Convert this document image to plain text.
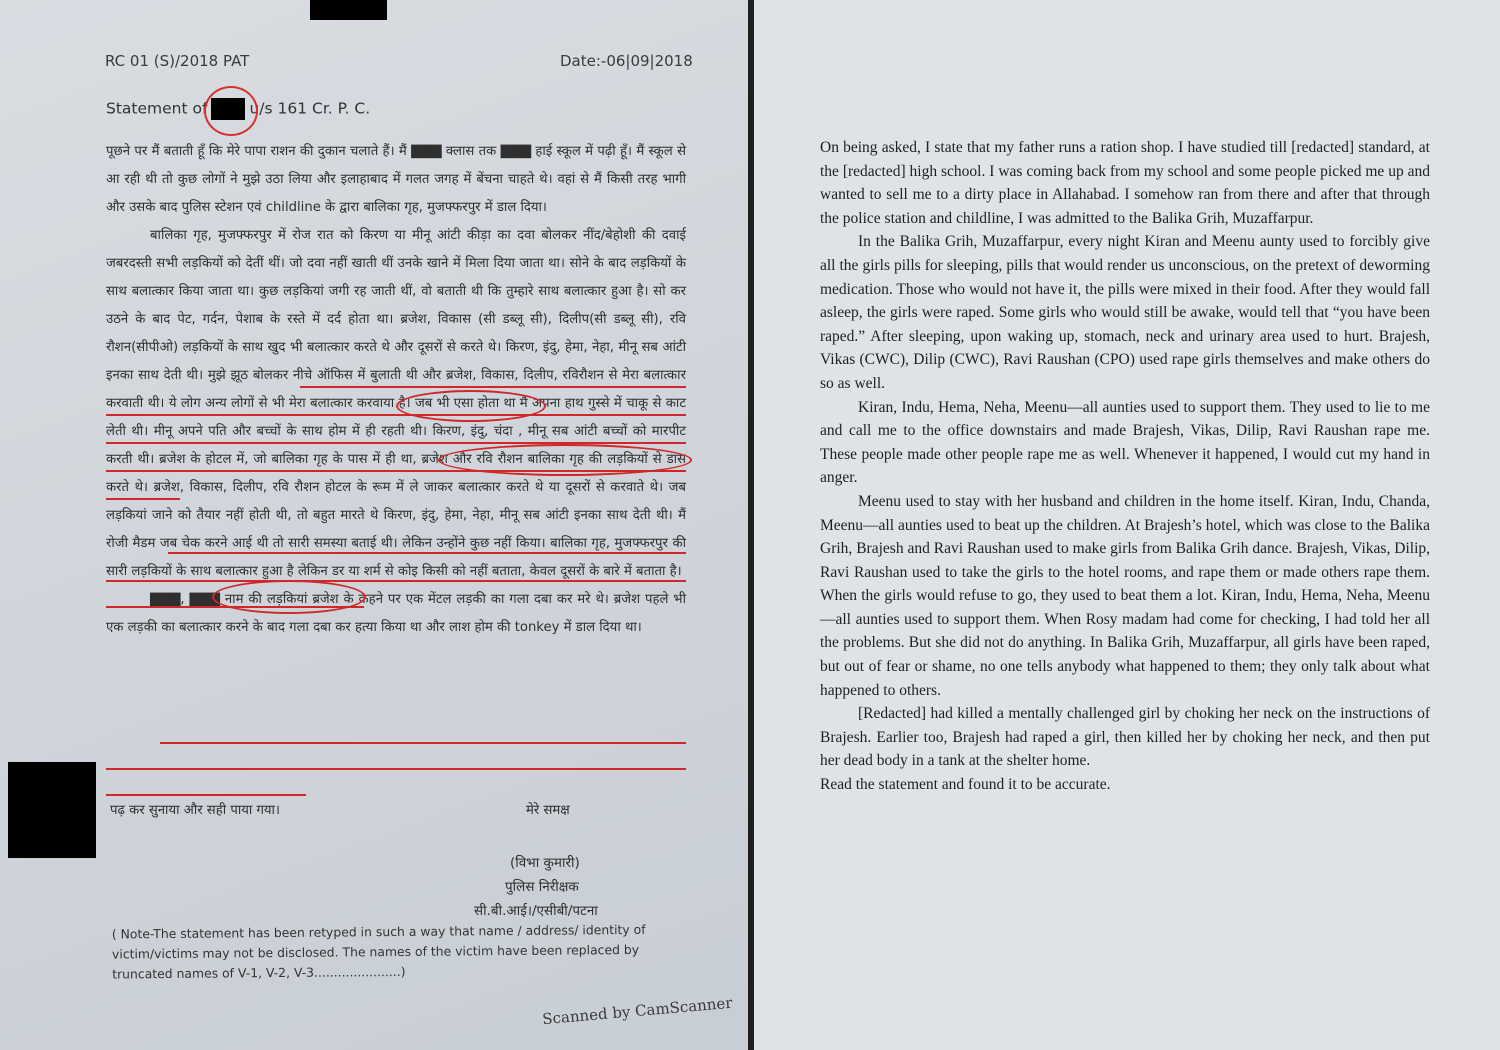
RC 01 (S)/2018 PAT	Date:-06|09|2018
Statement of	u/s 161 Cr. P. C.

पूछने पर मैं बताती हूँ कि मेरे पापा राशन की दुकान चलाते हैं। मैं ▇▇▇ क्लास तक ▇▇▇ हाई स्कूल में पढ़ी हूँ। मैं स्कूल से आ रही थी तो कुछ लोगों ने मुझे उठा लिया और इलाहाबाद में गलत जगह में बेंचना चाहते थे। वहां से मैं किसी तरह भागी और उसके बाद पुलिस स्टेशन एवं childline के द्वारा बालिका गृह, मुजफ्फरपुर में डाल दिया।

बालिका गृह, मुजफ्फरपुर में रोज रात को किरण या मीनू आंटी कीड़ा का दवा बोलकर नींद/बेहोशी की दवाई जबरदस्ती सभी लड़कियों को देतीं थीं। जो दवा नहीं खाती थीं उनके खाने में मिला दिया जाता था। सोने के बाद लड़कियों के साथ बलात्कार किया जाता था। कुछ लड़कियां जगी रह जाती थीं, वो बताती थी कि तुम्हारे साथ बलात्कार हुआ है। सो कर उठने के बाद पेट, गर्दन, पेशाब के रस्ते में दर्द होता था। ब्रजेश, विकास (सी डब्लू सी), दिलीप(सी डब्लू सी), रवि रौशन(सीपीओ) लड़कियों के साथ खुद भी बलात्कार करते थे और दूसरों से करते थे। किरण, इंदु, हेमा, नेहा, मीनू सब आंटी इनका साथ देती थी। मुझे झूठ बोलकर नीचे ऑफिस में बुलाती थी और ब्रजेश, विकास, दिलीप, रविरौशन से मेरा बलात्कार करवाती थी। ये लोग अन्य लोगों से भी मेरा बलात्कार करवाया है। जब भी एसा होता था मैं अपना हाथ गुस्से में चाकू से काट लेती थी। मीनू अपने पति और बच्चों के साथ होम में ही रहती थी। किरण, इंदु, चंदा , मीनू सब आंटी बच्चों को मारपीट करती थी। ब्रजेश के होटल में, जो बालिका गृह के पास में ही था, ब्रजेश और रवि रौशन बालिका गृह की लड़कियों से डांस करते थे। ब्रजेश, विकास, दिलीप, रवि रौशन होटल के रूम में ले जाकर बलात्कार करते थे या दूसरों से करवाते थे। जब लड़कियां जाने को तैयार नहीं होती थी, तो बहुत मारते थे किरण, इंदु, हेमा, नेहा, मीनू सब आंटी इनका साथ देती थी। मैं रोजी मैडम जब चेक करने आई थी तो सारी समस्या बताई थी। लेकिन उन्होंने कुछ नहीं किया। बालिका गृह, मुजफ्फरपुर की सारी लड़कियों के साथ बलात्कार हुआ है लेकिन डर या शर्म से कोइ किसी को नहीं बताता, केवल दूसरों के बारे में बताता है।

▇▇▇, ▇▇▇ नाम की लड़कियां ब्रजेश के कहने पर एक मेंटल लड़की का गला दबा कर मरे थे। ब्रजेश पहले भी एक लड़की का बलात्कार करने के बाद गला दबा कर हत्या किया था और लाश होम की tonkey में डाल दिया था।

पढ़ कर सुनाया और सही पाया गया।	मेरे समक्ष
(विभा कुमारी)
पुलिस निरीक्षक
सी.बी.आई।/एसीबी/पटना
( Note-The statement has been retyped in such a way that name / address/ identity of victim/victims may not be disclosed. The names of the victim have been replaced by truncated names of V-1, V-2, V-3......................)
Scanned by CamScanner

On being asked, I state that my father runs a ration shop. I have studied till [redacted] standard, at the [redacted] high school. I was coming back from my school and some people picked me up and wanted to sell me to a dirty place in Allahabad. I somehow ran from there and after that through the police station and childline, I was admitted to the Balika Grih, Muzaffarpur.

In the Balika Grih, Muzaffarpur, every night Kiran and Meenu aunty used to forcibly give all the girls pills for sleeping, pills that would render us unconscious, on the pretext of deworming medication. Those who would not have it, the pills were mixed in their food. After they would fall asleep, the girls were raped. Some girls who would still be awake, would tell that “you have been raped.” After sleeping, upon waking up, stomach, neck and urinary area used to hurt. Brajesh, Vikas (CWC), Dilip (CWC), Ravi Raushan (CPO) used rape girls themselves and make others do so as well.

Kiran, Indu, Hema, Neha, Meenu—all aunties used to support them. They used to lie to me and call me to the office downstairs and made Brajesh, Vikas, Dilip, Ravi Raushan rape me. These people made other people rape me as well. Whenever it happened, I would cut my hand in anger.

Meenu used to stay with her husband and children in the home itself. Kiran, Indu, Chanda, Meenu—all aunties used to beat up the children. At Brajesh’s hotel, which was close to the Balika Grih, Brajesh and Ravi Raushan used to make girls from Balika Grih dance. Brajesh, Vikas, Dilip, Ravi Raushan used to take the girls to the hotel rooms, and rape them or made others rape them. When the girls would refuse to go, they used to beat them a lot. Kiran, Indu, Hema, Neha, Meenu—all aunties used to support them. When Rosy madam had come for checking, I had told her all the problems. But she did not do anything. In Balika Grih, Muzaffarpur, all girls have been raped, but out of fear or shame, no one tells anybody what happened to them; they only talk about what happened to others.

[Redacted] had killed a mentally challenged girl by choking her neck on the instructions of Brajesh. Earlier too, Brajesh had raped a girl, then killed her by choking her neck, and then put her dead body in a tank at the shelter home.

Read the statement and found it to be accurate.
